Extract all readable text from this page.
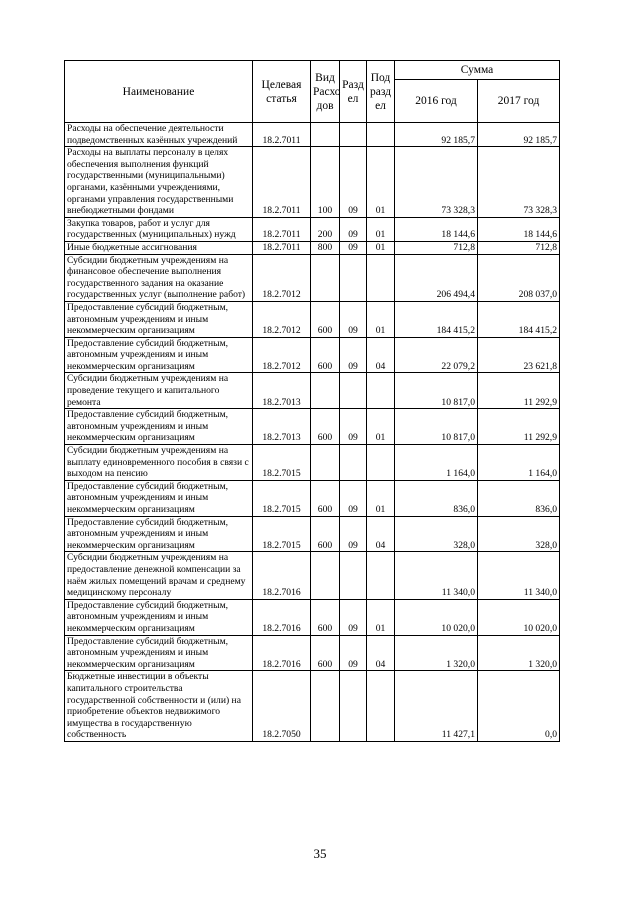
Наименование	Целевая статья	Вид Расхо дов	Разд ел	Под разд ел	Сумма	
					2016 год	2017 год
Расходы на обеспечение деятельности подведомственных казённых учреждений	18.2.7011				92 185,7	92 185,7
Расходы на выплаты персоналу в целях обеспечения выполнения функций государственными (муниципальными) органами, казёнными учреждениями, органами управления государственными внебюджетными фондами	18.2.7011	100	09	01	73 328,3	73 328,3
Закупка товаров, работ и услуг для государственных (муниципальных) нужд	18.2.7011	200	09	01	18 144,6	18 144,6
Иные бюджетные ассигнования	18.2.7011	800	09	01	712,8	712,8
Субсидии бюджетным учреждениям на финансовое обеспечение выполнения государственного задания на оказание государственных услуг (выполнение работ)	18.2.7012				206 494,4	208 037,0
Предоставление субсидий бюджетным, автономным учреждениям и иным некоммерческим организациям	18.2.7012	600	09	01	184 415,2	184 415,2
Предоставление субсидий бюджетным, автономным учреждениям и иным некоммерческим организациям	18.2.7012	600	09	04	22 079,2	23 621,8
Субсидии бюджетным учреждениям на проведение текущего и капитального ремонта	18.2.7013				10 817,0	11 292,9
Предоставление субсидий бюджетным, автономным учреждениям и иным некоммерческим организациям	18.2.7013	600	09	01	10 817,0	11 292,9
Субсидии бюджетным учреждениям на выплату единовременного пособия в связи с выходом на пенсию	18.2.7015				1 164,0	1 164,0
Предоставление субсидий бюджетным, автономным учреждениям и иным некоммерческим организациям	18.2.7015	600	09	01	836,0	836,0
Предоставление субсидий бюджетным, автономным учреждениям и иным некоммерческим организациям	18.2.7015	600	09	04	328,0	328,0
Субсидии бюджетным учреждениям на предоставление денежной компенсации за наём жилых помещений врачам и среднему медицинскому персоналу	18.2.7016				11 340,0	11 340,0
Предоставление субсидий бюджетным, автономным учреждениям и иным некоммерческим организациям	18.2.7016	600	09	01	10 020,0	10 020,0
Предоставление субсидий бюджетным, автономным учреждениям и иным некоммерческим организациям	18.2.7016	600	09	04	1 320,0	1 320,0
Бюджетные инвестиции в объекты капитального строительства государственной собственности и (или) на приобретение объектов недвижимого имущества в государственную собственность	18.2.7050				11 427,1	0,0
35
